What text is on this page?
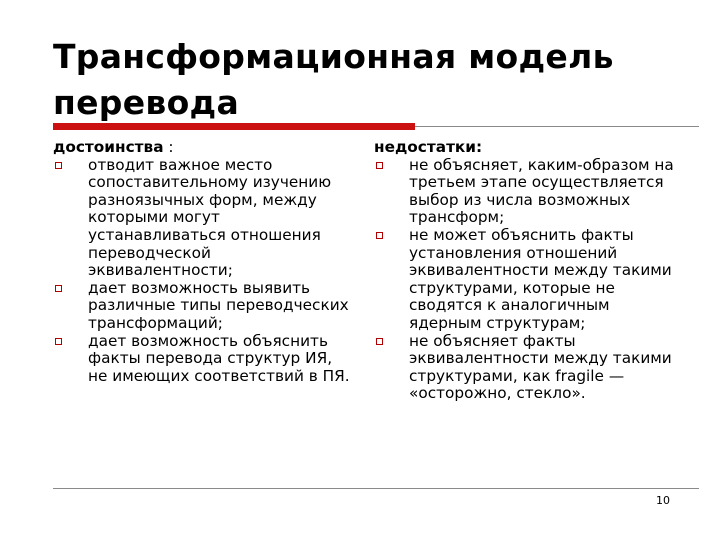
Трансформационная модель перевода
достоинства :
отводит важное место сопоставительному изучению разноязычных форм, между которыми могут устанавливаться отношения переводческой эквивалентности;
дает возможность выявить различные типы переводческих трансформаций;
дает возможность объяснить факты перевода структур ИЯ, не имеющих соответствий в ПЯ.
недостатки:
не объясняет, каким-образом на третьем этапе осуществляется выбор из числа возможных трансформ;
не может объяснить факты установления отношений эквивалентности между такими структурами, которые не сводятся к аналогичным ядерным структурам;
не объясняет факты эквивалентности между такими структурами, как fragile — «осторожно, стекло».
10
